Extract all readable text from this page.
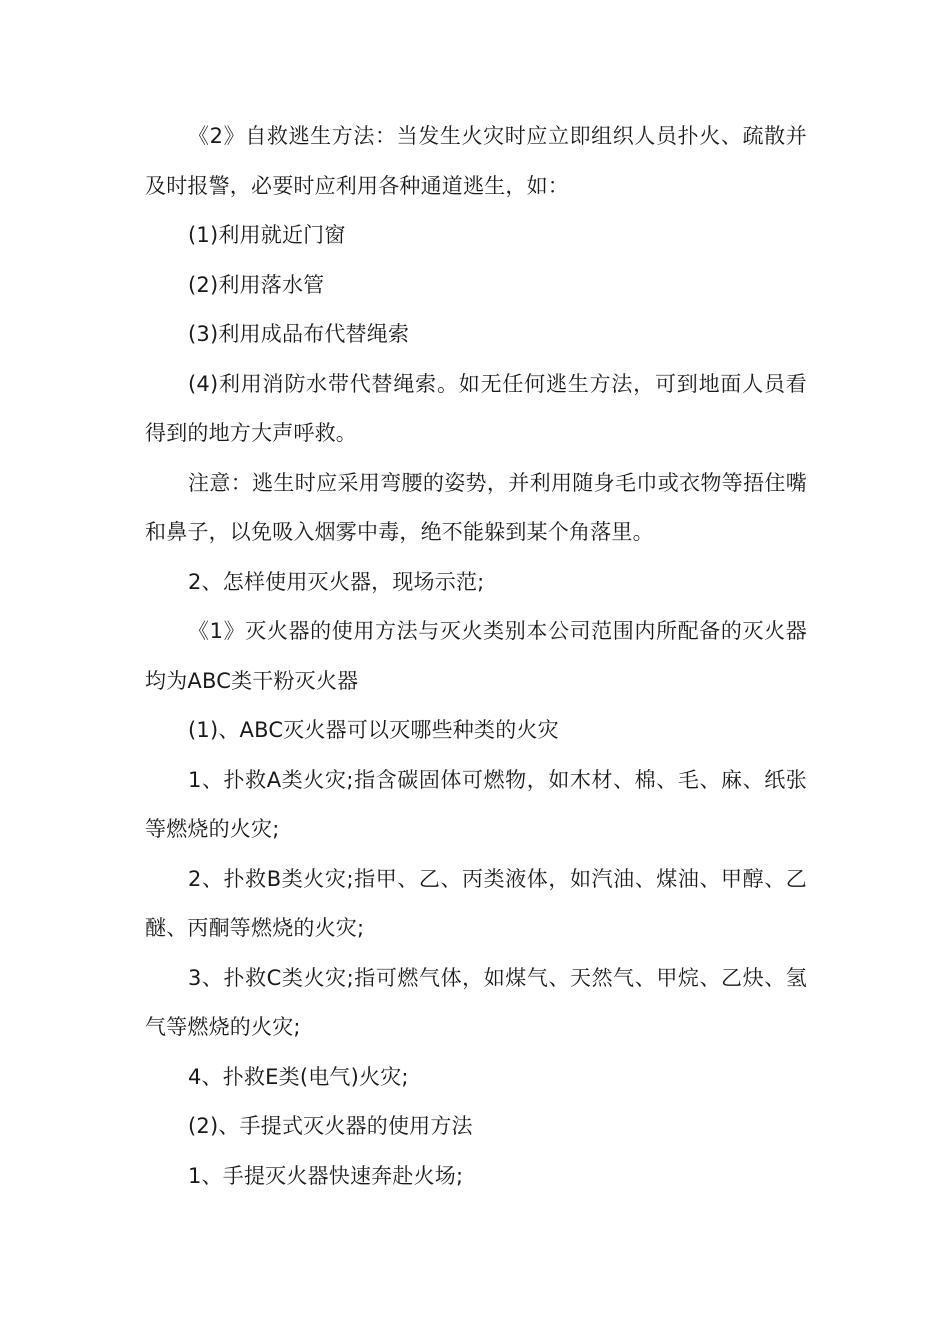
《2》自救逃生方法：当发生火灾时应立即组织人员扑火、疏散并及时报警，必要时应利用各种通道逃生，如：

(1)利用就近门窗

(2)利用落水管

(3)利用成品布代替绳索

(4)利用消防水带代替绳索。如无任何逃生方法，可到地面人员看得到的地方大声呼救。

注意：逃生时应采用弯腰的姿势，并利用随身毛巾或衣物等捂住嘴和鼻子，以免吸入烟雾中毒，绝不能躲到某个角落里。

2、怎样使用灭火器，现场示范;

《1》灭火器的使用方法与灭火类别本公司范围内所配备的灭火器均为ABC类干粉灭火器

(1)、ABC灭火器可以灭哪些种类的火灾

1、扑救A类火灾;指含碳固体可燃物，如木材、棉、毛、麻、纸张等燃烧的火灾;

2、扑救B类火灾;指甲、乙、丙类液体，如汽油、煤油、甲醇、乙醚、丙酮等燃烧的火灾;

3、扑救C类火灾;指可燃气体，如煤气、天然气、甲烷、乙炔、氢气等燃烧的火灾;

4、扑救E类(电气)火灾;

(2)、手提式灭火器的使用方法

1、手提灭火器快速奔赴火场;
